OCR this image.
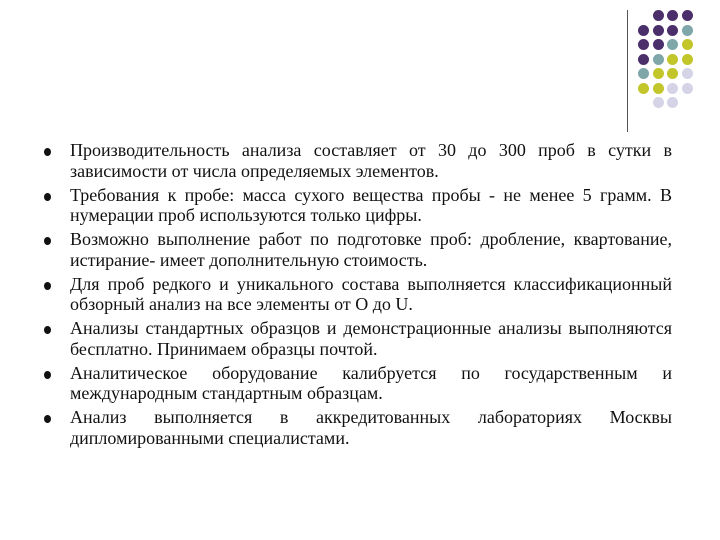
Производительность анализа составляет от 30 до 300 проб в сутки в зависимости от числа определяемых элементов.
Требования к пробе: масса сухого вещества пробы - не менее 5 грамм. В нумерации проб используются только цифры.
Возможно выполнение работ по подготовке проб: дробление, квартование, истирание- имеет дополнительную стоимость.
Для проб редкого и уникального состава выполняется классификационный обзорный анализ на все элементы от О до U.
Анализы стандартных образцов и демонстрационные анализы выполняются бесплатно. Принимаем образцы почтой.
Аналитическое оборудование калибруется по государственным и международным стандартным образцам.
Анализ выполняется в аккредитованных лабораториях Москвы дипломированными специалистами.
